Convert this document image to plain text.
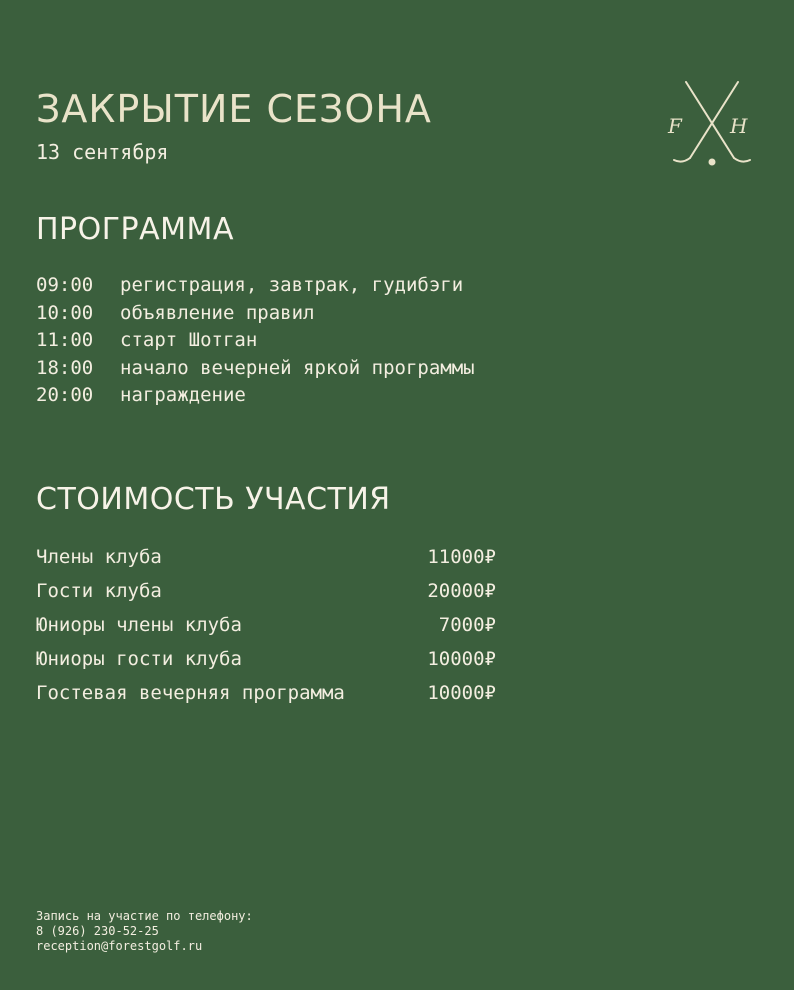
ЗАКРЫТИЕ СЕЗОНА
13 сентября
F H
ПРОГРАММА
09:00	регистрация, завтрак, гудибэги
10:00	объявление правил
11:00	старт Шотган
18:00	начало вечерней яркой программы
20:00	награждение
СТОИМОСТЬ УЧАСТИЯ
Члены клуба	11000₽
Гости клуба	20000₽
Юниоры члены клуба	7000₽
Юниоры гости клуба	10000₽
Гостевая вечерняя программа	10000₽
Запись на участие по телефону:
8 (926) 230-52-25
reception@forestgolf.ru
